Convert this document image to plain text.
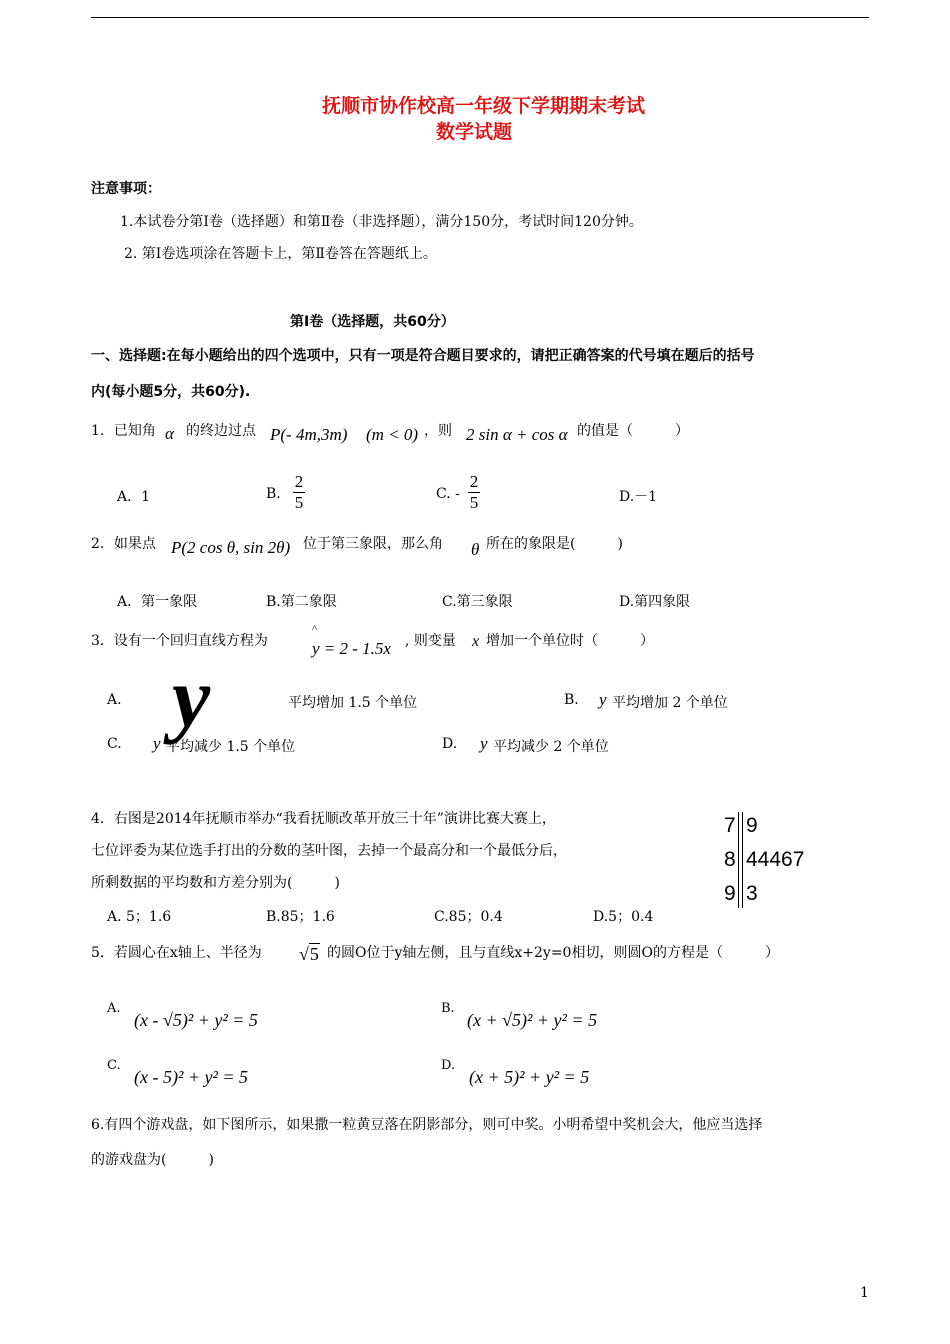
抚顺市协作校高一年级下学期期末考试
数学试题
注意事项：
1.本试卷分第Ⅰ卷（选择题）和第Ⅱ卷（非选择题），满分150分，考试时间120分钟。
2. 第Ⅰ卷选项涂在答题卡上，第Ⅱ卷答在答题纸上。
第Ⅰ卷（选择题，共60分）
一、选择题:在每小题给出的四个选项中，只有一项是符合题目要求的，请把正确答案的代号填在题后的括号
内(每小题5分，共60分).
1．已知角 α 的终边过点 P(- 4m,3m) (m < 0) ，则 2 sin α + cos α 的值是（　　　）
A．1	B.
2
5	C. -
2
5	D.－1
2．如果点 P(2 cos θ, sin 2θ) 位于第三象限，那么角 θ 所在的象限是(　　　)
A．第一象限	B.第二象限	C.第三象限	D.第四象限
3．设有一个回归直线方程为
^
y = 2 - 1.5x , 则变量 x 增加一个单位时（　　　）
A. y	平均增加 1.5 个单位	B. y 平均增加 2 个单位
C. y 平均减少 1.5 个单位	D. y 平均减少 2 个单位
4．右图是2014年抚顺市举办“我看抚顺改革开放三十年”演讲比赛大赛上，
七位评委为某位选手打出的分数的茎叶图，去掉一个最高分和一个最低分后，
所剩数据的平均数和方差分别为(　　　)
A. 5；1.6	B.85；1.6	C.85；0.4	D.5；0.4
7 9
8 44467
9 3
5．若圆心在x轴上、半径为 √5 的圆O位于y轴左侧，且与直线x+2y=0相切，则圆O的方程是（　　　）
A.
(x - √5)² + y² = 5
B.
(x + √5)² + y² = 5
C.
(x - 5)² + y² = 5
D.
(x + 5)² + y² = 5
6.有四个游戏盘，如下图所示，如果撒一粒黄豆落在阴影部分，则可中奖。小明希望中奖机会大，他应当选择
的游戏盘为(　　　)
1
